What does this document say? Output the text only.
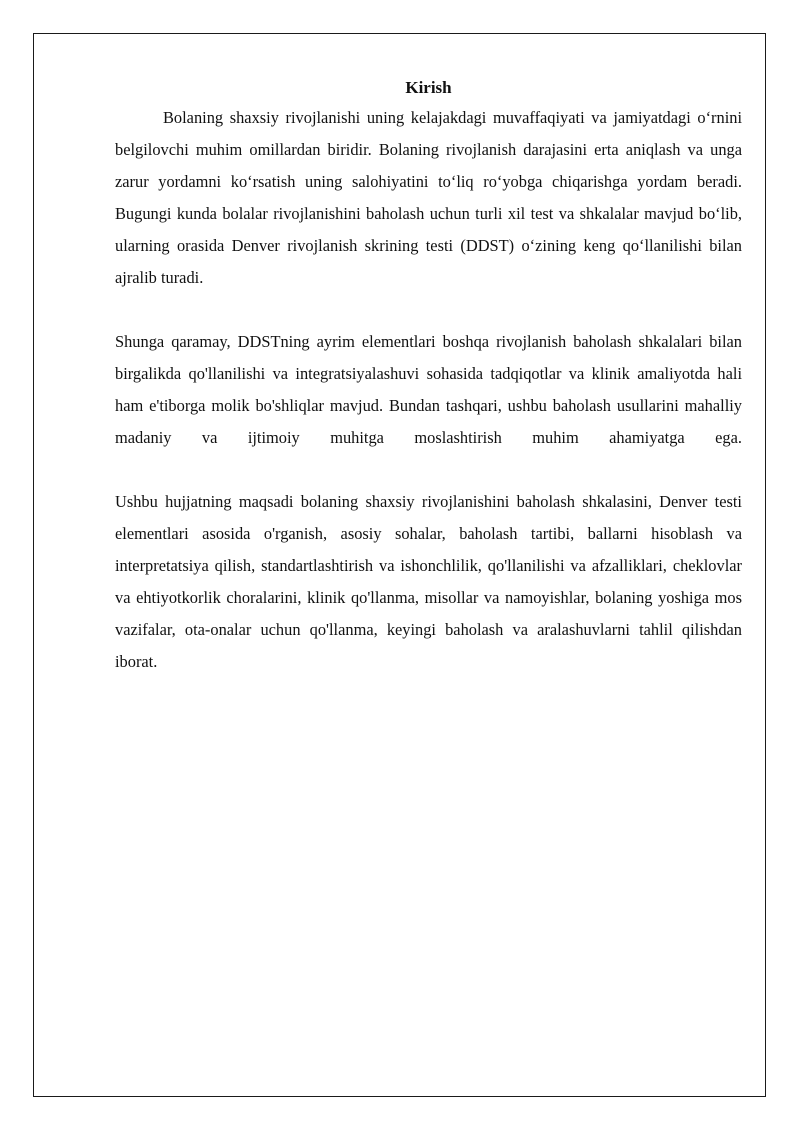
Kirish

Bolaning shaxsiy rivojlanishi uning kelajakdagi muvaffaqiyati va jamiyatdagi o‘rnini belgilovchi muhim omillardan biridir. Bolaning rivojlanish darajasini erta aniqlash va unga zarur yordamni ko‘rsatish uning salohiyatini to‘liq ro‘yobga chiqarishga yordam beradi. Bugungi kunda bolalar rivojlanishini baholash uchun turli xil test va shkalalar mavjud bo‘lib, ularning orasida Denver rivojlanish skrining testi (DDST) o‘zining keng qo‘llanilishi bilan ajralib turadi.

Shunga qaramay, DDSTning ayrim elementlari boshqa rivojlanish baholash shkalalari bilan birgalikda qo'llanilishi va integratsiyalashuvi sohasida tadqiqotlar va klinik amaliyotda hali ham e'tiborga molik bo'shliqlar mavjud. Bundan tashqari, ushbu baholash usullarini mahalliy madaniy va ijtimoiy muhitga moslashtirish muhim ahamiyatga ega.

Ushbu hujjatning maqsadi bolaning shaxsiy rivojlanishini baholash shkalasini, Denver testi elementlari asosida o'rganish, asosiy sohalar, baholash tartibi, ballarni hisoblash va interpretatsiya qilish, standartlashtirish va ishonchlilik, qo'llanilishi va afzalliklari, cheklovlar va ehtiyotkorlik choralarini, klinik qo'llanma, misollar va namoyishlar, bolaning yoshiga mos vazifalar, ota-onalar uchun qo'llanma, keyingi baholash va aralashuvlarni tahlil qilishdan iborat.
